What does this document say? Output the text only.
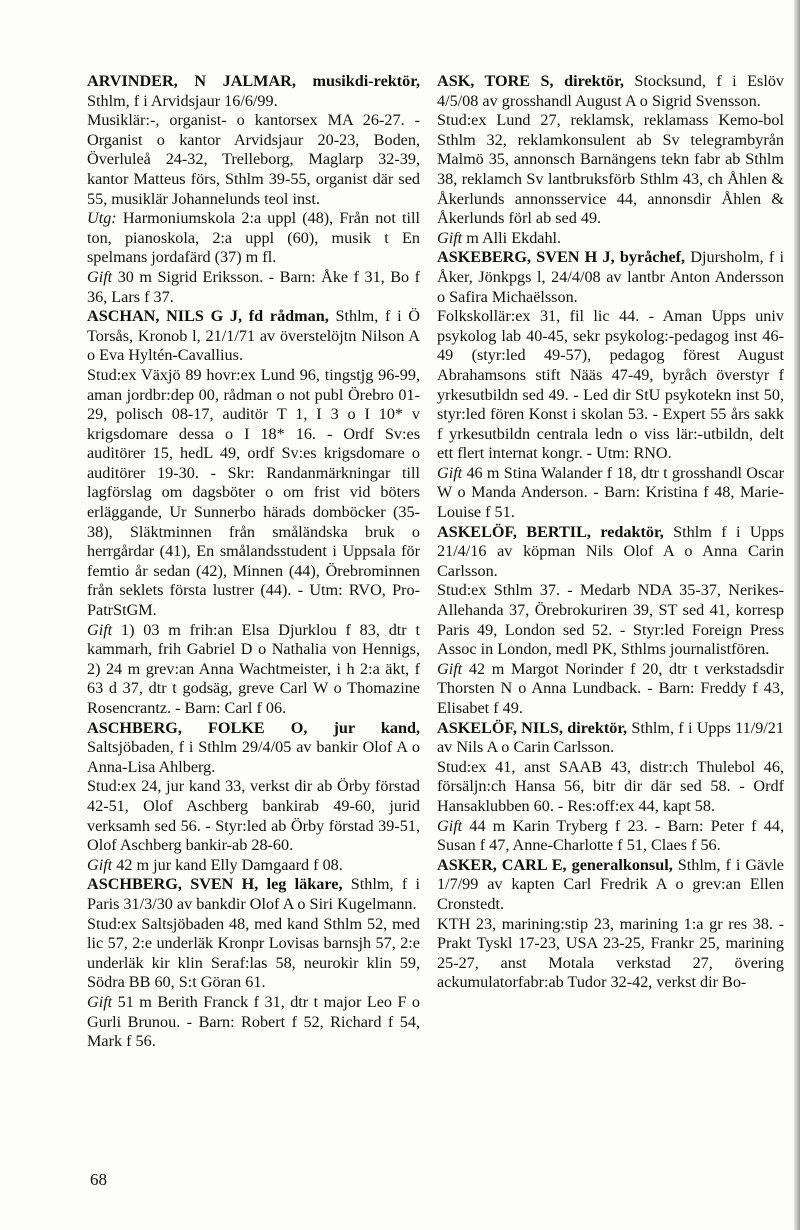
ARVINDER, N JALMAR, musikdi-rektör, Sthlm, f i Arvidsjaur 16/6/99.

Musiklär:-, organist- o kantorsex MA 26-27. - Organist o kantor Arvidsjaur 20-23, Boden, Överluleå 24-32, Trelleborg, Maglarp 32-39, kantor Matteus förs, Sthlm 39-55, organist där sed 55, musiklär Johannelunds teol inst.

Utg: Harmoniumskola 2:a uppl (48), Från not till ton, pianoskola, 2:a uppl (60), musik t En spelmans jordafärd (37) m fl.

Gift 30 m Sigrid Eriksson. - Barn: Åke f 31, Bo f 36, Lars f 37.

ASCHAN, NILS G J, fd rådman, Sthlm, f i Ö Torsås, Kronob l, 21/1/71 av överstelöjtn Nilson A o Eva Hyltén-Cavallius.

Stud:ex Växjö 89 hovr:ex Lund 96, tingstjg 96-99, aman jordbr:dep 00, rådman o not publ Örebro 01-29, polisch 08-17, auditör T 1, I 3 o I 10* v krigsdomare dessa o I 18* 16. - Ordf Sv:es auditörer 15, hedL 49, ordf Sv:es krigsdomare o auditörer 19-30. - Skr: Randanmärkningar till lagförslag om dagsböter o om frist vid böters erläggande, Ur Sunnerbo härads domböcker (35-38), Släktminnen från småländska bruk o herrgårdar (41), En smålandsstudent i Uppsala för femtio år sedan (42), Minnen (44), Örebrominnen från seklets första lustrer (44). - Utm: RVO, Pro-PatrStGM.

Gift 1) 03 m frih:an Elsa Djurklou f 83, dtr t kammarh, frih Gabriel D o Nathalia von Hennigs, 2) 24 m grev:an Anna Wachtmeister, i h 2:a äkt, f 63 d 37, dtr t godsäg, greve Carl W o Thomazine Rosencrantz. - Barn: Carl f 06.

ASCHBERG, FOLKE O, jur kand, Saltsjöbaden, f i Sthlm 29/4/05 av bankir Olof A o Anna-Lisa Ahlberg.

Stud:ex 24, jur kand 33, verkst dir ab Örby förstad 42-51, Olof Aschberg bankirab 49-60, jurid verksamh sed 56. - Styr:led ab Örby förstad 39-51, Olof Aschberg bankir-ab 28-60.

Gift 42 m jur kand Elly Damgaard f 08.

ASCHBERG, SVEN H, leg läkare, Sthlm, f i Paris 31/3/30 av bankdir Olof A o Siri Kugelmann.

Stud:ex Saltsjöbaden 48, med kand Sthlm 52, med lic 57, 2:e underläk Kronpr Lovisas barnsjh 57, 2:e underläk kir klin Seraf:las 58, neurokir klin 59, Södra BB 60, S:t Göran 61.

Gift 51 m Berith Franck f 31, dtr t major Leo F o Gurli Brunou. - Barn: Robert f 52, Richard f 54, Mark f 56.

ASK, TORE S, direktör, Stocksund, f i Eslöv 4/5/08 av grosshandl August A o Sigrid Svensson.

Stud:ex Lund 27, reklamsk, reklamass Kemo-bol Sthlm 32, reklamkonsulent ab Sv telegrambyrån Malmö 35, annonsch Barnängens tekn fabr ab Sthlm 38, reklamch Sv lantbruksförb Sthlm 43, ch Åhlen & Åkerlunds annonsservice 44, annonsdir Åhlen & Åkerlunds förl ab sed 49.

Gift m Alli Ekdahl.

ASKEBERG, SVEN H J, byråchef, Djursholm, f i Åker, Jönkpgs l, 24/4/08 av lantbr Anton Andersson o Safira Michaëlsson.

Folkskollär:ex 31, fil lic 44. - Aman Upps univ psykolog lab 40-45, sekr psykolog:-pedagog inst 46-49 (styr:led 49-57), pedagog förest August Abrahamsons stift Nääs 47-49, byråch överstyr f yrkesutbildn sed 49. - Led dir StU psykotekn inst 50, styr:led fören Konst i skolan 53. - Expert 55 års sakk f yrkesutbildn centrala ledn o viss lär:-utbildn, delt ett flert internat kongr. - Utm: RNO.

Gift 46 m Stina Walander f 18, dtr t grosshandl Oscar W o Manda Anderson. - Barn: Kristina f 48, Marie-Louise f 51.

ASKELÖF, BERTIL, redaktör, Sthlm f i Upps 21/4/16 av köpman Nils Olof A o Anna Carin Carlsson.

Stud:ex Sthlm 37. - Medarb NDA 35-37, Nerikes-Allehanda 37, Örebrokuriren 39, ST sed 41, korresp Paris 49, London sed 52. - Styr:led Foreign Press Assoc in London, medl PK, Sthlms journalistfören.

Gift 42 m Margot Norinder f 20, dtr t verkstadsdir Thorsten N o Anna Lundback. - Barn: Freddy f 43, Elisabet f 49.

ASKELÖF, NILS, direktör, Sthlm, f i Upps 11/9/21 av Nils A o Carin Carlsson.

Stud:ex 41, anst SAAB 43, distr:ch Thulebol 46, försäljn:ch Hansa 56, bitr dir där sed 58. - Ordf Hansaklubben 60. - Res:off:ex 44, kapt 58.

Gift 44 m Karin Tryberg f 23. - Barn: Peter f 44, Susan f 47, Anne-Charlotte f 51, Claes f 56.

ASKER, CARL E, generalkonsul, Sthlm, f i Gävle 1/7/99 av kapten Carl Fredrik A o grev:an Ellen Cronstedt.

KTH 23, marining:stip 23, marining 1:a gr res 38. - Prakt Tyskl 17-23, USA 23-25, Frankr 25, marining 25-27, anst Motala verkstad 27, övering ackumulatorfabr:ab Tudor 32-42, verkst dir Bo-

68
